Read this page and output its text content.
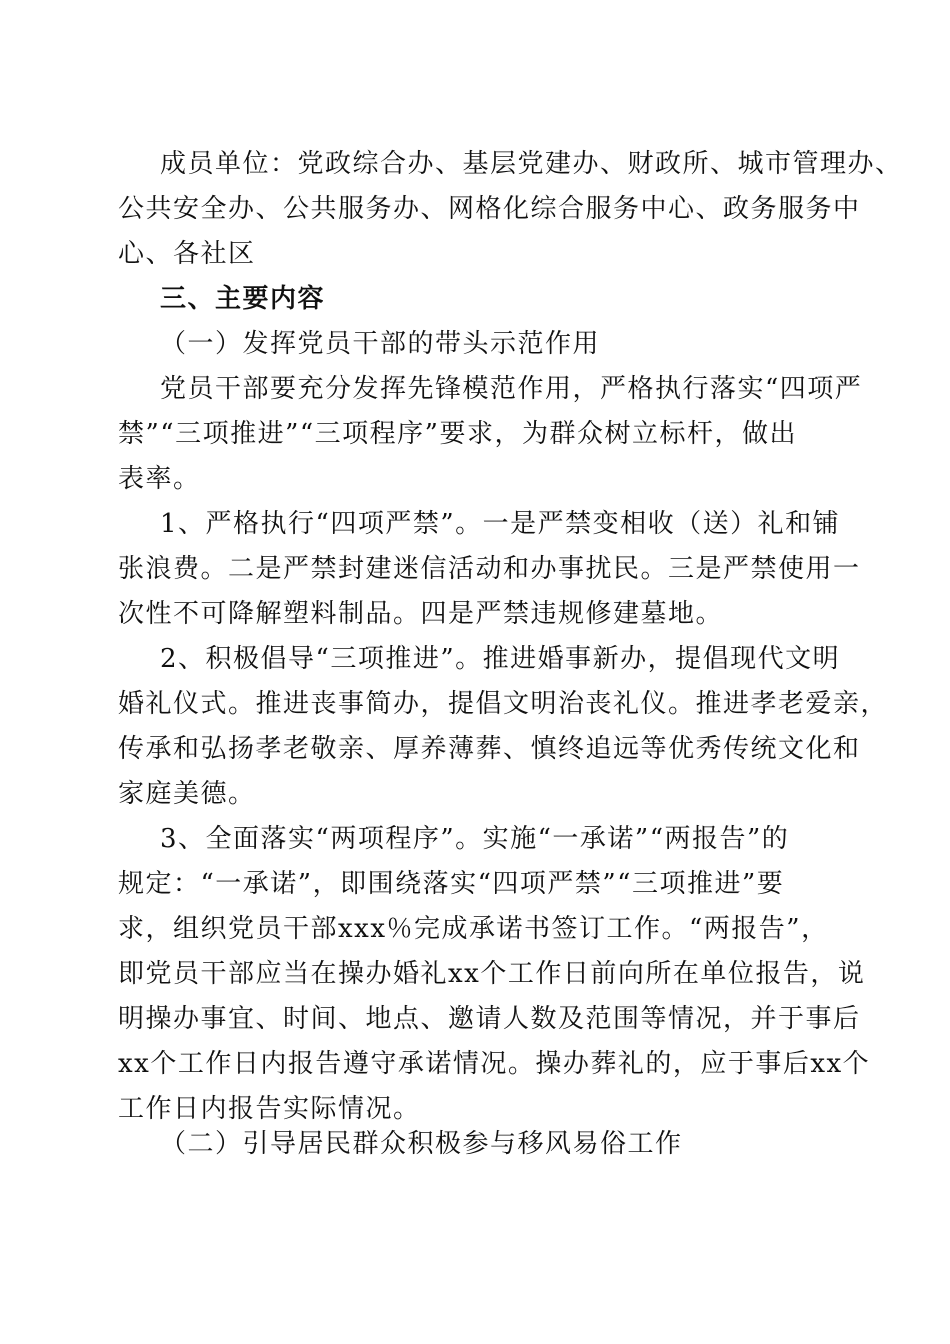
成员单位：党政综合办、基层党建办、财政所、城市管理办、
公共安全办、公共服务办、网格化综合服务中心、政务服务中
心、各社区
三、主要内容
（一）发挥党员干部的带头示范作用
党员干部要充分发挥先锋模范作用，严格执行落实“四项严
禁”“三项推进”“三项程序”要求，为群众树立标杆，做出
表率。
1、严格执行“四项严禁”。一是严禁变相收（送）礼和铺
张浪费。二是严禁封建迷信活动和办事扰民。三是严禁使用一
次性不可降解塑料制品。四是严禁违规修建墓地。
2、积极倡导“三项推进”。推进婚事新办，提倡现代文明
婚礼仪式。推进丧事简办，提倡文明治丧礼仪。推进孝老爱亲，
传承和弘扬孝老敬亲、厚养薄葬、慎终追远等优秀传统文化和
家庭美德。
3、全面落实“两项程序”。实施“一承诺”“两报告”的
规定：“一承诺”，即围绕落实“四项严禁”“三项推进”要
求，组织党员干部xxx％完成承诺书签订工作。“两报告”，
即党员干部应当在操办婚礼xx个工作日前向所在单位报告，说
明操办事宜、时间、地点、邀请人数及范围等情况，并于事后
xx个工作日内报告遵守承诺情况。操办葬礼的，应于事后xx个
工作日内报告实际情况。
（二）引导居民群众积极参与移风易俗工作
